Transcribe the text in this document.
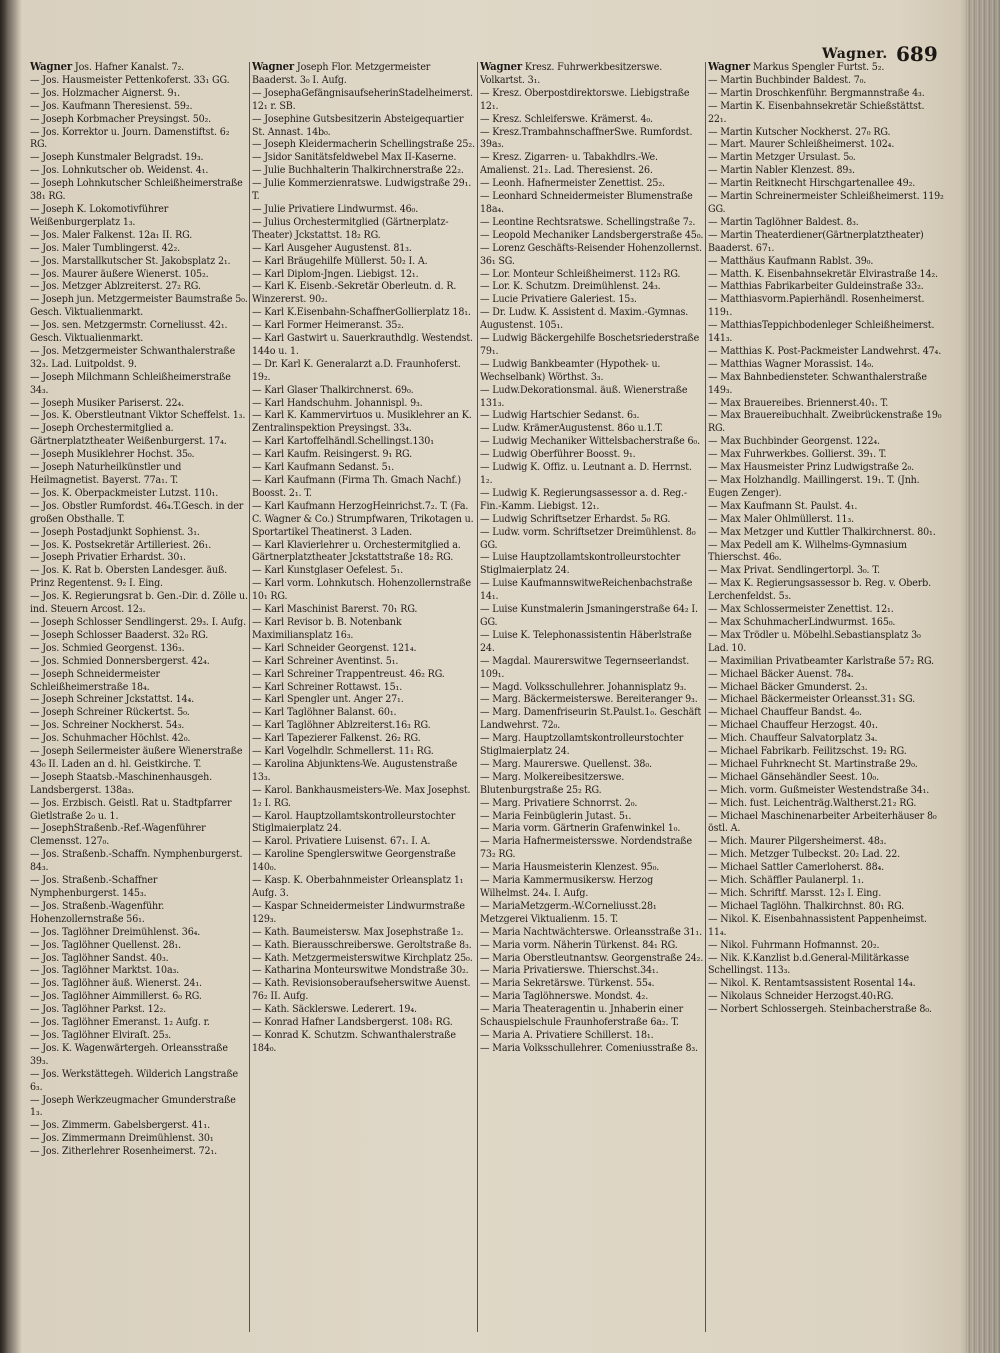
Wagner. 689

Wagner Jos. Hafner Kanalst. 7₂.

— Jos. Hausmeister Pettenkoferst. 33₁ GG.

— Jos. Holzmacher Aignerst. 9₁.

— Jos. Kaufmann Theresienst. 59₂.

— Joseph Korbmacher Preysingst. 50₂.

— Jos. Korrektor u. Journ. Damenstiftst. 6₂ RG.

— Joseph Kunstmaler Belgradst. 19₃.

— Jos. Lohnkutscher ob. Weidenst. 4₁.

— Joseph Lohnkutscher Schleißheimerstraße 38₁ RG.

— Joseph K. Lokomotivführer Weißenburgerplatz 1₃.

— Jos. Maler Falkenst. 12a₁ II. RG.

— Jos. Maler Tumblingerst. 42₂.

— Jos. Marstallkutscher St. Jakobsplatz 2₁.

— Jos. Maurer äußere Wienerst. 105₂.

— Jos. Metzger Ablzreiterst. 27₂ RG.

— Joseph jun. Metzgermeister Baumstraße 5₀. Gesch. Viktualienmarkt.

— Jos. sen. Metzgermstr. Corneliusst. 42₁. Gesch. Viktualienmarkt.

— Jos. Metzgermeister Schwanthalerstraße 32₃. Lad. Luitpoldst. 9.

— Joseph Milchmann Schleißheimerstraße 34₃.

— Joseph Musiker Pariserst. 22₄.

— Jos. K. Oberstleutnant Viktor Scheffelst. 1₃.

— Joseph Orchestermitglied a. Gärtnerplatztheater Weißenburgerst. 17₄.

— Joseph Musiklehrer Hochst. 35₀.

— Joseph Naturheilkünstler und Heilmagnetist. Bayerst. 77a₁. T.

— Jos. K. Oberpackmeister Lutzst. 110₁.

— Jos. Obstler Rumfordst. 46₄.T.Gesch. in der großen Obsthalle. T.

— Joseph Postadjunkt Sophienst. 3₁.

— Jos. K. Postsekretär Artilleriest. 26₁.

— Joseph Privatier Erhardst. 30₁.

— Jos. K. Rat b. Obersten Landesger. äuß. Prinz Regentenst. 9₂ I. Eing.

— Jos. K. Regierungsrat b. Gen.-Dir. d. Zölle u. ind. Steuern Arcost. 12₃.

— Joseph Schlosser Sendlingerst. 29₃. I. Aufg.

— Joseph Schlosser Baaderst. 32₀ RG.

— Jos. Schmied Georgenst. 136₃.

— Jos. Schmied Donnersbergerst. 42₄.

— Joseph Schneidermeister Schleißheimerstraße 18₄.

— Joseph Schreiner Jckstattst. 14₄.

— Joseph Schreiner Rückertst. 5₀.

— Jos. Schreiner Nockherst. 54₃.

— Jos. Schuhmacher Höchlst. 42₀.

— Joseph Seilermeister äußere Wienerstraße 43₀ II. Laden an d. hl. Geistkirche. T.

— Joseph Staatsb.-Maschinenhausgeh. Landsbergerst. 138a₃.

— Jos. Erzbisch. Geistl. Rat u. Stadtpfarrer Gietlstraße 2₀ u. 1.

— JosephStraßenb.-Ref.-Wagenführer Clemensst. 127₀.

— Jos. Straßenb.-Schaffn. Nymphenburgerst. 84₃.

— Jos. Straßenb.-Schaffner Nymphenburgerst. 145₃.

— Jos. Straßenb.-Wagenführ. Hohenzollernstraße 56₁.

— Jos. Taglöhner Dreimühlenst. 36₄.

— Jos. Taglöhner Quellenst. 28₁.

— Jos. Taglöhner Sandst. 40₃.

— Jos. Taglöhner Marktst. 10a₃.

— Jos. Taglöhner äuß. Wienerst. 24₁.

— Jos. Taglöhner Aimmillerst. 6₀ RG.

— Jos. Taglöhner Parkst. 12₂.

— Jos. Taglöhner Emeranst. 1₂ Aufg. r.

— Jos. Taglöhner Elviraſt. 25₃.

— Jos. K. Wagenwärtergeh. Orleansstraße 39₃.

— Jos. Werkstättegeh. Wilderich Langstraße 6₃.

— Joseph Werkzeugmacher Gmunderstraße 1₃.

— Jos. Zimmerm. Gabelsbergerst. 41₁.

— Jos. Zimmermann Dreimühlenst. 30₁

— Jos. Zitherlehrer Rosenheimerst. 72₁.

Wagner Joseph Flor. Metzgermeister Baaderst. 3₀ I. Aufg.

— JosephaGefängnisaufseherinStadelheimerst. 12₁ r. SB.

— Josephine Gutsbesitzerin Absteigequartier St. Annast. 14b₀.

— Joseph Kleidermacherin Schellingstraße 25₂.

— Jsidor Sanitätsfeldwebel Max II-Kaserne.

— Julie Buchhalterin Thalkirchnerstraße 22₂.

— Julie Kommerzienratswe. Ludwigstraße 29₁. T.

— Julie Privatiere Lindwurmst. 46₀.

— Julius Orchestermitglied (Gärtnerplatz-Theater) Jckstattst. 18₂ RG.

— Karl Ausgeher Augustenst. 81₃.

— Karl Bräugehilfe Müllerst. 50₂ I. A.

— Karl Diplom-Jngen. Liebigst. 12₁.

— Karl K. Eisenb.-Sekretär Oberleutn. d. R. Winzererst. 90₂.

— Karl K.Eisenbahn-SchaffnerGollierplatz 18₁.

— Karl Former Heimeranst. 35₂.

— Karl Gastwirt u. Sauerkrauthdlg. Westendst. 144o u. 1.

— Dr. Karl K. Generalarzt a.D. Fraunhoferst. 19₂.

— Karl Glaser Thalkirchnerst. 69₀.

— Karl Handschuhm. Johannispl. 9₃.

— Karl K. Kammervirtuos u. Musiklehrer an K. Zentralinspektion Preysingst. 33₄.

— Karl Kartoffelhändl.Schellingst.130₁

— Karl Kaufm. Reisingerst. 9₁ RG.

— Karl Kaufmann Sedanst. 5₁.

— Karl Kaufmann (Firma Th. Gmach Nachf.) Boosst. 2₁. T.

— Karl Kaufmann HerzogHeinrichst.7₂. T. (Fa. C. Wagner & Co.) Strumpfwaren, Trikotagen u. Sportartikel Theatinerst. 3 Laden.

— Karl Klavierlehrer u. Orchestermitglied a. Gärtnerplatztheater Jckstattstraße 18₂ RG.

— Karl Kunstglaser Oefelest. 5₁.

— Karl vorm. Lohnkutsch. Hohenzollernstraße 10₁ RG.

— Karl Maschinist Barerst. 70₁ RG.

— Karl Revisor b. B. Notenbank Maximiliansplatz 16₃.

— Karl Schneider Georgenst. 121₄.

— Karl Schreiner Aventinst. 5₁.

— Karl Schreiner Trappentreust. 46₂ RG.

— Karl Schreiner Rottawst. 15₁.

— Karl Spengler unt. Anger 27₁.

— Karl Taglöhner Balanst. 60₁.

— Karl Taglöhner Ablzreiterst.16₃ RG.

— Karl Tapezierer Falkenst. 26₂ RG.

— Karl Vogelhdlr. Schmellerst. 11₁ RG.

— Karolina Abjunktens-We. Augustenstraße 13₃.

— Karol. Bankhausmeisters-We. Max Josephst. 1₂ I. RG.

— Karol. Hauptzollamtskontrolleurstochter Stiglmaierplatz 24.

— Karol. Privatiere Luisenst. 67₁. I. A.

— Karoline Spenglerswitwe Georgenstraße 140₀.

— Kasp. K. Oberbahnmeister Orleansplatz 1₁ Aufg. 3.

— Kaspar Schneidermeister Lindwurmstraße 129₃.

— Kath. Baumeistersw. Max Josephstraße 1₂.

— Kath. Bierausschreiberswe. Geroltstraße 8₃.

— Kath. Metzgermeisterswitwe Kirchplatz 25₀.

— Katharina Monteurswitwe Mondstraße 30₂.

— Kath. Revisionsoberaufseherswitwe Auenst. 76₂ II. Aufg.

— Kath. Säcklerswe. Lederert. 19₄.

— Konrad Hafner Landsbergerst. 108₁ RG.

— Konrad K. Schutzm. Schwanthalerstraße 184₀.

Wagner Kresz. Fuhrwerkbesitzerswe. Volkartst. 3₁.

— Kresz. Oberpostdirektorswe. Liebigstraße 12₁.

— Kresz. Schleiferswe. Krämerst. 4₀.

— Kresz.TrambahnschaffnerSwe. Rumfordst. 39a₃.

— Kresz. Zigarren- u. Tabakhdlrs.-We. Amalienst. 21₂. Lad. Theresienst. 26.

— Leonh. Hafnermeister Zenettist. 25₂.

— Leonhard Schneidermeister Blumenstraße 18a₄.

— Leontine Rechtsratswe. Schellingstraße 7₂.

— Leopold Mechaniker Landsbergerstraße 45₀.

— Lorenz Geschäfts-Reisender Hohenzollernst. 36₁ SG.

— Lor. Monteur Schleißheimerst. 112₃ RG.

— Lor. K. Schutzm. Dreimühlenst. 24₃.

— Lucie Privatiere Galeriest. 15₃.

— Dr. Ludw. K. Assistent d. Maxim.-Gymnas. Augustenst. 105₁.

— Ludwig Bäckergehilfe Boschetsriederstraße 79₁.

— Ludwig Bankbeamter (Hypothek- u. Wechselbank) Wörthst. 3₃.

— Ludw.Dekorationsmal. äuß. Wienerstraße 131₃.

— Ludwig Hartschier Sedanst. 6₃.

— Ludw. KrämerAugustenst. 86o u.1.T.

— Ludwig Mechaniker Wittelsbacherstraße 6₀.

— Ludwig Oberführer Boosst. 9₁.

— Ludwig K. Offiz. u. Leutnant a. D. Herrnst. 1₂.

— Ludwig K. Regierungsassessor a. d. Reg.-Fin.-Kamm. Liebigst. 12₁.

— Ludwig Schriftsetzer Erhardst. 5₀ RG.

— Ludw. vorm. Schriftsetzer Dreimühlenst. 8₀ GG.

— Luise Hauptzollamtskontrolleurstochter Stiglmaierplatz 24.

— Luise KaufmannswitweReichenbachstraße 14₁.

— Luise Kunstmalerin Jsmaningerstraße 64₂ I. GG.

— Luise K. Telephonassistentin Häberlstraße 24.

— Magdal. Maurerswitwe Tegernseerlandst. 109₁.

— Magd. Volksschullehrer. Johannisplatz 9₃.

— Marg. Bäckermeisterswe. Bereiteranger 9₃.

— Marg. Damenfriseurin St.Paulst.1₀. Geschäft Landwehrst. 72₀.

— Marg. Hauptzollamtskontrolleurstochter Stiglmaierplatz 24.

— Marg. Maurerswe. Quellenst. 38₀.

— Marg. Molkereibesitzerswe. Blutenburgstraße 25₂ RG.

— Marg. Privatiere Schnorrst. 2₀.

— Maria Feinbüglerin Jutast. 5₁.

— Maria vorm. Gärtnerin Grafenwinkel 1₀.

— Maria Hafnermeistersswe. Nordendstraße 73₂ RG.

— Maria Hausmeisterin Klenzest. 95₀.

— Maria Kammermusikersw. Herzog Wilhelmst. 24₄. I. Aufg.

— MariaMetzgerm.-W.Corneliusst.28₁ Metzgerei Viktualienm. 15. T.

— Maria Nachtwächterswe. Orleansstraße 31₁.

— Maria vorm. Näherin Türkenst. 84₁ RG.

— Maria Oberstleutnantsw. Georgenstraße 24₂.

— Maria Privatierswe. Thierschst.34₁.

— Maria Sekretärswe. Türkenst. 55₄.

— Maria Taglöhnerswe. Mondst. 4₂.

— Maria Theateragentin u. Jnhaberin einer Schauspielschule Fraunhoferstraße 6a₂. T.

— Maria A. Privatiere Schillerst. 18₁.

— Maria Volksschullehrer. Comeniusstraße 8₃.

Wagner Markus Spengler Furtst. 5₂.

— Martin Buchbinder Baldest. 7₀.

— Martin Droschkenführ. Bergmannstraße 4₃.

— Martin K. Eisenbahnsekretär Schießstättst. 22₁.

— Martin Kutscher Nockherst. 27₀ RG.

— Mart. Maurer Schleißheimerst. 102₄.

— Martin Metzger Ursulast. 5₀.

— Martin Nabler Klenzest. 89₃.

— Martin Reitknecht Hirschgartenallee 49₂.

— Martin Schreinermeister Schleißheimerst. 119₂ GG.

— Martin Taglöhner Baldest. 8₃.

— Martin Theaterdiener(Gärtnerplatztheater) Baaderst. 67₁.

— Matthäus Kaufmann Rablst. 39₀.

— Matth. K. Eisenbahnsekretär Elvirastraße 14₂.

— Matthias Fabrikarbeiter Guldeinstraße 33₂.

— Matthiasvorm.Papierhändl. Rosenheimerst. 119₁.

— MatthiasTeppichbodenleger Schleißheimerst. 141₃.

— Matthias K. Post-Packmeister Landwehrst. 47₄.

— Matthias Wagner Morassist. 14₀.

— Max Bahnbediensteter. Schwanthalerstraße 149₃.

— Max Brauereibes. Briennerst.40₁. T.

— Max Brauereibuchhalt. Zweibrückenstraße 19₀ RG.

— Max Buchbinder Georgenst. 122₄.

— Max Fuhrwerkbes. Gollierst. 39₁. T.

— Max Hausmeister Prinz Ludwigstraße 2₀.

— Max Holzhandlg. Maillingerst. 19₁. T. (Jnh. Eugen Zenger).

— Max Kaufmann St. Paulst. 4₁.

— Max Maler Ohlmüllerst. 11₃.

— Max Metzger und Kuttler Thalkirchnerst. 80₁.

— Max Pedell am K. Wilhelms-Gymnasium Thierschst. 46₀.

— Max Privat. Sendlingertorpl. 3₀. T.

— Max K. Regierungsassessor b. Reg. v. Oberb. Lerchenfeldst. 5₃.

— Max Schlossermeister Zenettist. 12₁.

— Max SchuhmacherLindwurmst. 165₀.

— Max Trödler u. Möbelhl.Sebastiansplatz 3₀ Lad. 10.

— Maximilian Privatbeamter Karlstraße 57₂ RG.

— Michael Bäcker Auenst. 78₄.

— Michael Bäcker Gmunderst. 2₃.

— Michael Bäckermeister Orleansst.31₁ SG.

— Michael Chauffeur Bandst. 4₀.

— Michael Chauffeur Herzogst. 40₁.

— Mich. Chauffeur Salvatorplatz 3₄.

— Michael Fabrikarb. Feilitzschst. 19₂ RG.

— Michael Fuhrknecht St. Martinstraße 29₀.

— Michael Gänsehändler Seest. 10₀.

— Mich. vorm. Gußmeister Westendstraße 34₁.

— Mich. fust. Leichenträg.Waltherst.21₂ RG.

— Michael Maschinenarbeiter Arbeiterhäuser 8₀ östl. A.

— Mich. Maurer Pilgersheimerst. 48₃.

— Mich. Metzger Tulbeckst. 20₂ Lad. 22.

— Michael Sattler Camerloherst. 88₄.

— Mich. Schäffler Paulanerpl. 1₁.

— Mich. Schriftf. Marsst. 12₃ I. Eing.

— Michael Taglöhn. Thalkirchnst. 80₁ RG.

— Nikol. K. Eisenbahnassistent Pappenheimst. 11₄.

— Nikol. Fuhrmann Hofmannst. 20₂.

— Nik. K.Kanzlist b.d.General-Militärkasse Schellingst. 113₃.

— Nikol. K. Rentamtsassistent Rosental 14₄.

— Nikolaus Schneider Herzogst.40₁RG.

— Norbert Schlossergeh. Steinbacherstraße 8₀.
